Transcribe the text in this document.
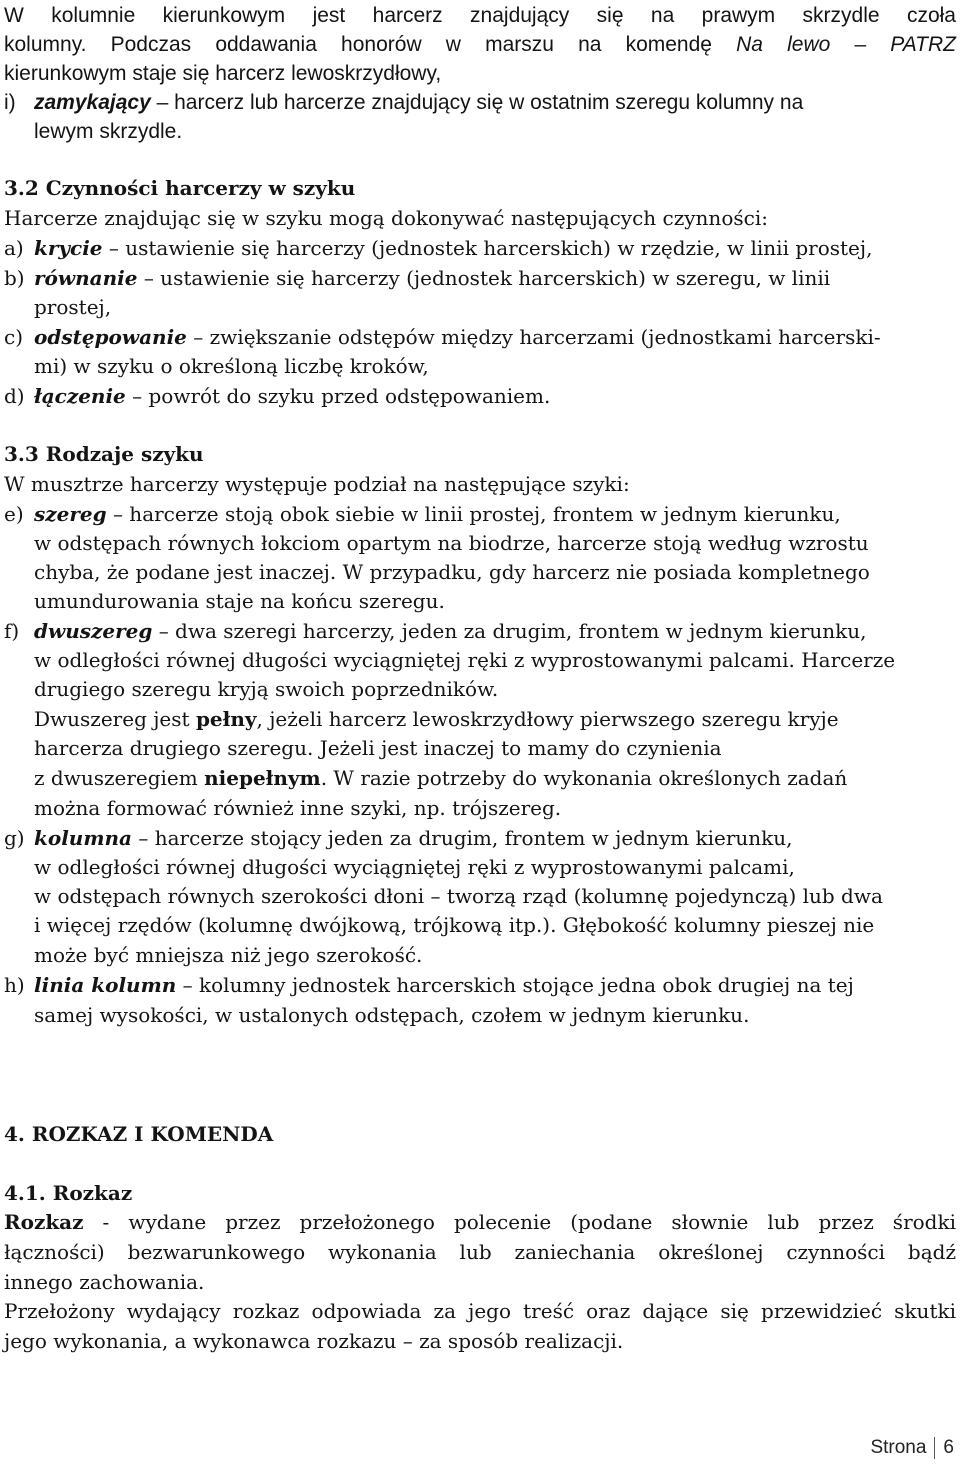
W kolumnie kierunkowym jest harcerz znajdujący się na prawym skrzydle czoła
kolumny. Podczas oddawania honorów w marszu na komendę Na lewo – PATRZ
kierunkowym staje się harcerz lewoskrzydłowy,
i) zamykający – harcerz lub harcerze znajdujący się w ostatnim szeregu kolumny na
lewym skrzydle.
3.2 Czynności harcerzy w szyku
Harcerze znajdując się w szyku mogą dokonywać następujących czynności:
a) krycie – ustawienie się harcerzy (jednostek harcerskich) w rzędzie, w linii prostej,
b) równanie – ustawienie się harcerzy (jednostek harcerskich) w szeregu, w linii
prostej,
c) odstępowanie – zwiększanie odstępów między harcerzami (jednostkami harcerski-
mi) w szyku o określoną liczbę kroków,
d) łączenie – powrót do szyku przed odstępowaniem.
3.3 Rodzaje szyku
W musztrze harcerzy występuje podział na następujące szyki:
e) szereg – harcerze stoją obok siebie w linii prostej, frontem w jednym kierunku,
w odstępach równych łokciom opartym na biodrze, harcerze stoją według wzrostu
chyba, że podane jest inaczej. W przypadku, gdy harcerz nie posiada kompletnego
umundurowania staje na końcu szeregu.
f) dwuszereg – dwa szeregi harcerzy, jeden za drugim, frontem w jednym kierunku,
w odległości równej długości wyciągniętej ręki z wyprostowanymi palcami. Harcerze
drugiego szeregu kryją swoich poprzedników.
Dwuszereg jest pełny, jeżeli harcerz lewoskrzydłowy pierwszego szeregu kryje
harcerza drugiego szeregu. Jeżeli jest inaczej to mamy do czynienia
z dwuszeregiem niepełnym. W razie potrzeby do wykonania określonych zadań
można formować również inne szyki, np. trójszereg.
g) kolumna – harcerze stojący jeden za drugim, frontem w jednym kierunku,
w odległości równej długości wyciągniętej ręki z wyprostowanymi palcami,
w odstępach równych szerokości dłoni – tworzą rząd (kolumnę pojedynczą) lub dwa
i więcej rzędów (kolumnę dwójkową, trójkową itp.). Głębokość kolumny pieszej nie
może być mniejsza niż jego szerokość.
h) linia kolumn – kolumny jednostek harcerskich stojące jedna obok drugiej na tej
samej wysokości, w ustalonych odstępach, czołem w jednym kierunku.
4. ROZKAZ I KOMENDA
4.1. Rozkaz
Rozkaz - wydane przez przełożonego polecenie (podane słownie lub przez środki
łączności) bezwarunkowego wykonania lub zaniechania określonej czynności bądź
innego zachowania.
Przełożony wydający rozkaz odpowiada za jego treść oraz dające się przewidzieć skutki
jego wykonania, a wykonawca rozkazu – za sposób realizacji.
Strona 6
